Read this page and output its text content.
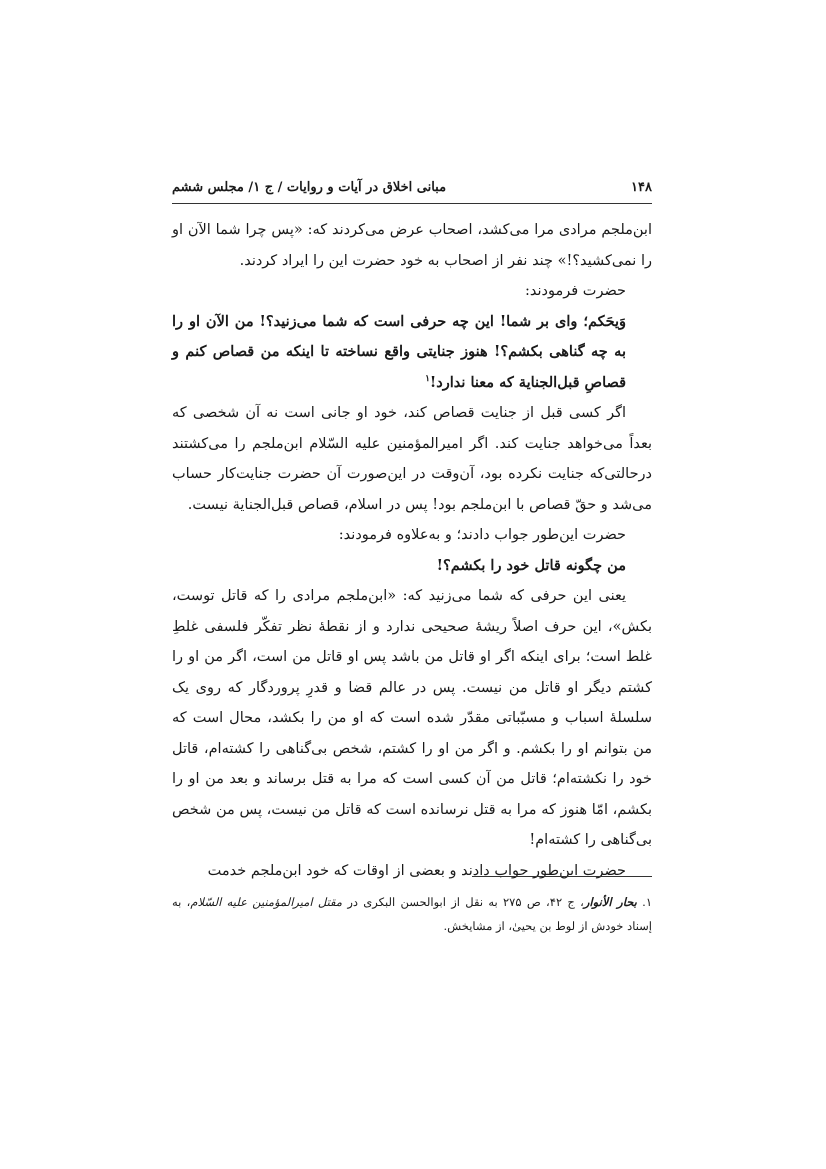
۱۴۸
مبانی اخلاق در آیات و روایات / ج ۱/ مجلس ششم

ابن‌ملجم مرادی مرا می‌کشد، اصحاب عرض می‌کردند که: «پس چرا شما الآن او را نمی‌کشید؟!» چند نفر از اصحاب به خود حضرت این را ایراد کردند.

حضرت فرمودند:

وَیحَکم؛ وای بر شما! این چه حرفی است که شما می‌زنید؟! من الآن او را به چه گناهی بکشم؟! هنوز جنایتی واقع نساخته تا اینکه من قصاص کنم و قصاصِ قبل‌الجنایة که معنا ندارد!$^۱$

اگر کسی قبل از جنایت قصاص کند، خود او جانی است نه آن شخصی که بعداً می‌خواهد جنایت کند. اگر امیرالمؤمنین علیه السّلام ابن‌ملجم را می‌کشتند درحالتی‌که جنایت نکرده بود، آن‌وقت در این‌صورت آن حضرت جنایت‌کار حساب می‌شد و حقّ قصاص با ابن‌ملجم بود! پس در اسلام، قصاص قبل‌الجنایة نیست.

حضرت این‌طور جواب دادند؛ و به‌علاوه فرمودند:

من چگونه قاتل خود را بکشم؟!

یعنی این حرفی که شما می‌زنید که: «ابن‌ملجم مرادی را که قاتل توست، بکش»، این حرف اصلاً ریشهٔ صحیحی ندارد و از نقطهٔ نظر تفکّر فلسفی غلطِ غلط است؛ برای اینکه اگر او قاتل من باشد پس او قاتل من است، اگر من او را کشتم دیگر او قاتل من نیست. پس در عالم قضا و قدرِ پروردگار که روی یک سلسلهٔ اسباب و مسبّباتی مقدّر شده است که او من را بکشد، محال است که من بتوانم او را بکشم. و اگر من او را کشتم، شخص بی‌گناهی را کشته‌ام، قاتل خود را نکشته‌ام؛ قاتل من آن کسی است که مرا به قتل برساند و بعد من او را بکشم، امّا هنوز که مرا به قتل نرسانده است که قاتل من نیست، پس من شخص بی‌گناهی را کشته‌ام!

حضرت این‌طور جواب دادند و بعضی از اوقات که خود ابن‌ملجم خدمت

۱. بحار الأنوار، ج ۴۲، ص ۲۷۵ به نقل از ابوالحسن البکری در مقتل امیرالمؤمنین علیه السّلام، به إسناد خودش از لوط بن یحییٰ، از مشایخش.
